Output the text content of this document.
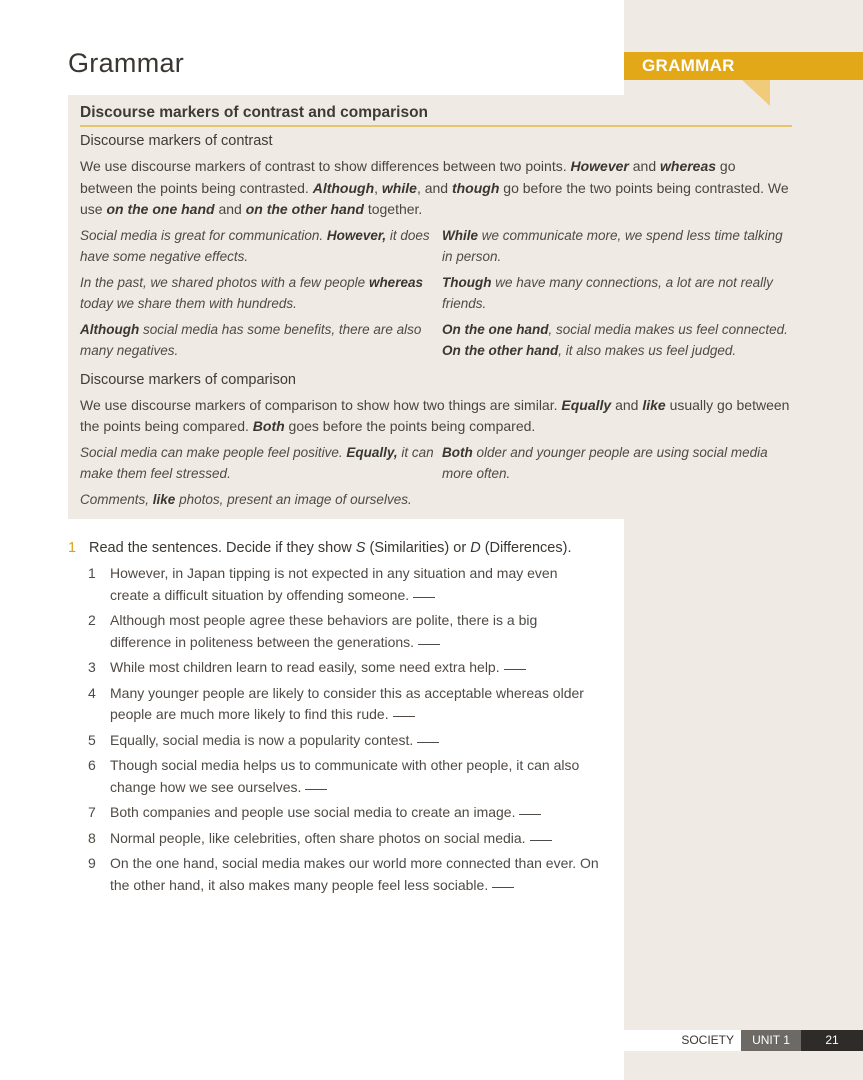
Grammar	GRAMMAR
Discourse markers of contrast and comparison
Discourse markers of contrast

We use discourse markers of contrast to show differences between two points. However and whereas go between the points being contrasted. Although, while, and though go before the two points being contrasted. We use on the one hand and on the other hand together.

Social media is great for communication. However, it does have some negative effects.
While we communicate more, we spend less time talking in person.
In the past, we shared photos with a few people whereas today we share them with hundreds.
Though we have many connections, a lot are not really friends.
Although social media has some benefits, there are also many negatives.
On the one hand, social media makes us feel connected. On the other hand, it also makes us feel judged.
Discourse markers of comparison

We use discourse markers of comparison to show how two things are similar. Equally and like usually go between the points being compared. Both goes before the points being compared.

Social media can make people feel positive. Equally, it can make them feel stressed.
Both older and younger people are using social media more often.
Comments, like photos, present an image of ourselves.
1 Read the sentences. Decide if they show S (Similarities) or D (Differences).
1	However, in Japan tipping is not expected in any situation and may even create a difficult situation by offending someone.
2	Although most people agree these behaviors are polite, there is a big difference in politeness between the generations.
3	While most children learn to read easily, some need extra help.
4	Many younger people are likely to consider this as acceptable whereas older people are much more likely to find this rude.
5	Equally, social media is now a popularity contest.
6	Though social media helps us to communicate with other people, it can also change how we see ourselves.
7	Both companies and people use social media to create an image.
8	Normal people, like celebrities, often share photos on social media.
9	On the one hand, social media makes our world more connected than ever. On the other hand, it also makes many people feel less sociable.
SOCIETY	UNIT 1	21
